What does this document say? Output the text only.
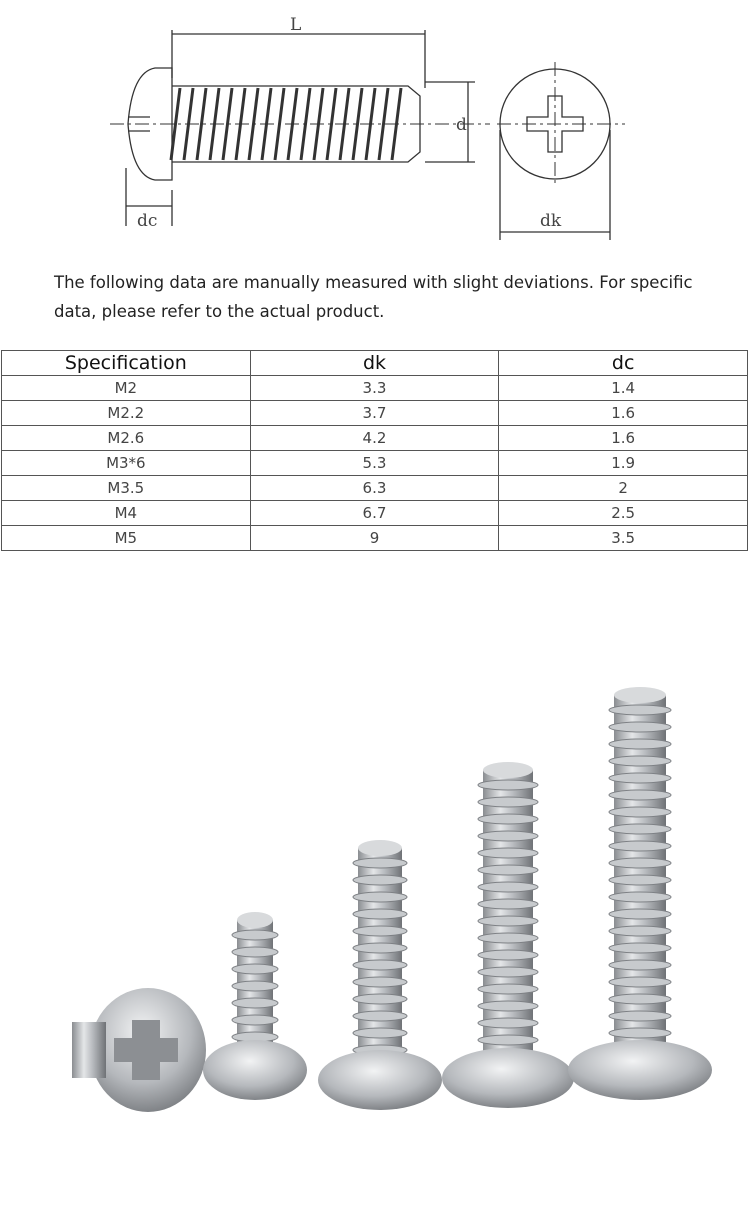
L
d
dc	dk
The following data are manually measured with slight deviations. For specific data, please refer to the actual product.
Specification	dk	dc
M2	3.3	1.4
M2.2	3.7	1.6
M2.6	4.2	1.6
M3*6	5.3	1.9
M3.5	6.3	2
M4	6.7	2.5
M5	9	3.5
